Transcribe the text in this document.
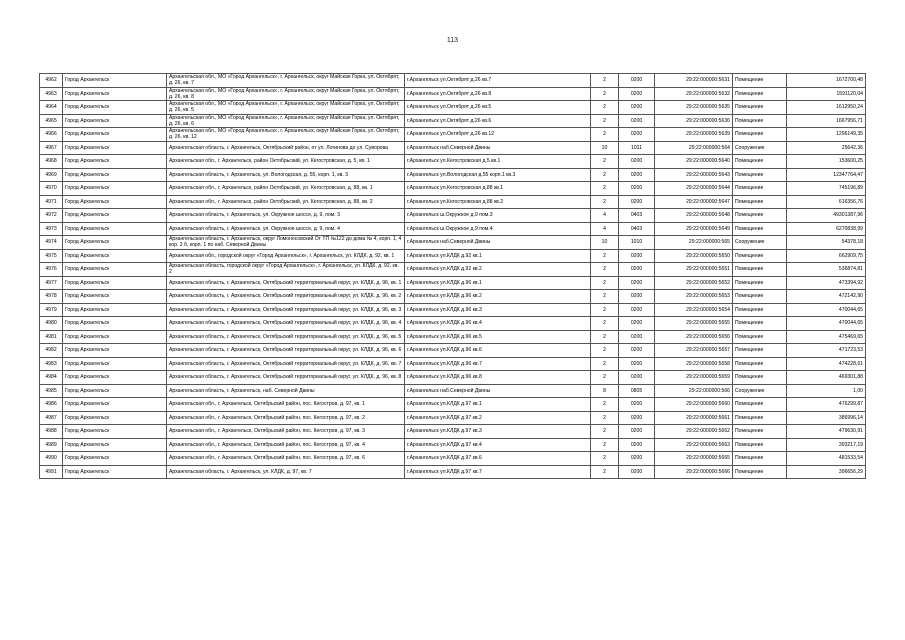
113
4962	Город Архангельск	Архангельская обл., МО «Город Архангельск», г. Архангельск, округ Майская Горка, ул. Октябрят, д. 26, кв. 7	г.Архангельск ул.Октябрят д.26 кв.7	2	0200	29:22:000000:5631	Помещение	1672700,48
4963	Город Архангельск	Архангельская обл., МО «Город Архангельск», г. Архангельск, округ Майская Горка, ул. Октябрят, д. 26, кв. 8	г.Архангельск ул.Октябрят д.26 кв.8	2	0200	29:22:000000:5632	Помещение	1591120,04
4964	Город Архангельск	Архангельская обл., МО «Город Архангельск», г. Архангельск, округ Майская Горка, ул. Октябрят, д. 26, кв. 5	г.Архангельск ул.Октябрят д.26 кв.5	2	0200	29:22:000000:5635	Помещение	1612950,24
4965	Город Архангельск	Архангельская обл., МО «Город Архангельск», г. Архангельск, округ Майская Горка, ул. Октябрят, д. 26, кв. 6	г.Архангельск ул.Октябрят д.26 кв.6	2	0200	29:22:000000:5636	Помещение	1667956,71
4966	Город Архангельск	Архангельская обл., МО «Город Архангельск», г. Архангельск, округ Майская Горка, ул. Октябрят, д. 26, кв. 12	г.Архангельск ул.Октябрят д.26 кв.12	2	0200	29:22:000000:5639	Помещение	1296149,35
4967	Город Архангельск	Архангельская область, г. Архангельск, Октябрьский район, от ул. Логинова до ул. Суворова	г.Архангельск наб.Северной Двины	10	1011	29:22:000000:564	Сооружение	25642,36
4968	Город Архангельск	Архангельская обл., г. Архангельск, район Октябрьский, ул. Кегостровская, д. 5, кв. 1	г.Архангельск ул.Кегостровская д.5 кв.1	2	0200	29:22:000000:5640	Помещение	153600,25
4969	Город Архангельск	Архангельская область, г. Архангельск, ул. Вологодская, д. 55, корп. 1, кв. 3	г.Архангельск ул.Вологодская д.55 корп.1 кв.3	2	0200	29:22:000000:5643	Помещение	12347764,47
4970	Город Архангельск	Архангельская обл., г. Архангельск, район Октябрьский, ул. Кегостровская, д. 88, кв. 1	г.Архангельск ул.Кегостровская д.88 кв.1	2	0200	29:22:000000:5644	Помещение	745196,89
4971	Город Архангельск	Архангельская обл., г. Архангельск, район Октябрьский, ул. Кегостровская, д. 88, кв. 2	г.Архангельск ул.Кегостровская д.88 кв.2	2	0200	29:22:000000:5647	Помещение	616356,76
4972	Город Архангельск	Архангельская область, г. Архангельск, ул. Окружное шоссе, д. 9, пом. 3	г.Архангельск ш.Окружное д.9 пом.3	4	0403	29:22:000000:5648	Помещение	49301387,96
4973	Город Архангельск	Архангельская область, г. Архангельск, ул. Окружное шоссе, д. 9, пом. 4	г.Архангельск ш.Окружное д.9 пом.4	4	0403	29:22:000000:5649	Помещение	6270838,99
4974	Город Архангельск	Архангельская область, г. Архангельск, округ Ломоносовский От ТП №122 до дома № 4, корп. 1, 4 кор. 2 б, корп. 1 по наб. Северной Двины	г.Архангельск наб.Северной Двины	10	1010	29:22:000000:565	Сооружение	54378,18
4975	Город Архангельск	Архангельская обл., городской округ «Город Архангельск», г. Архангельск, ул. КЛДК, д. 92, кв. 1	г.Архангельск ул.КЛДК д.92 кв.1	2	0200	29:22:000000:5650	Помещение	662909,75
4976	Город Архангельск	Архангельская область, городской округ «Город Архангельск», г. Архангельск, ул. КЛДК, д. 92, кв. 2	г.Архангельск ул.КЛДК д.92 кв.2	2	0200	29:22:000000:5651	Помещение	536874,81
4977	Город Архангельск	Архангельская область, г. Архангельск, Октябрьский территориальный округ, ул. КЛДК, д. 96, кв. 1	г.Архангельск ул.КЛДК д.96 кв.1	2	0200	29:22:000000:5652	Помещение	473394,92
4978	Город Архангельск	Архангельская область, г. Архангельск, Октябрьский территориальный округ, ул. КЛДК, д. 96, кв. 2	г.Архангельск ул.КЛДК д.96 кв.2	2	0200	29:22:000000:5653	Помещение	472142,90
4979	Город Архангельск	Архангельская область, г. Архангельск, Октябрьский территориальный округ, ул. КЛДК, д. 96, кв. 3	г.Архангельск ул.КЛДК д.96 кв.3	2	0200	29:22:000000:5654	Помещение	470044,65
4980	Город Архангельск	Архангельская область, г. Архангельск, Октябрьский территориальный округ, ул. КЛДК, д. 96, кв. 4	г.Архангельск ул.КЛДК д.96 кв.4	2	0200	29:22:000000:5655	Помещение	470044,65
4981	Город Архангельск	Архангельская область, г. Архангельск, Октябрьский территориальный округ, ул. КЛДК, д. 96, кв. 5	г.Архангельск ул.КЛДК д.96 кв.5	2	0200	29:22:000000:5656	Помещение	475469,65
4982	Город Архангельск	Архангельская область, г. Архангельск, Октябрьский территориальный округ, ул. КЛДК, д. 96, кв. 6	г.Архангельск ул.КЛДК д.96 кв.6	2	0200	29:22:000000:5657	Помещение	471723,53
4983	Город Архангельск	Архангельская область, г. Архангельск, Октябрьский территориальный округ, ул. КЛДК, д. 96, кв. 7	г.Архангельск ул.КЛДК д.96 кв.7	2	0200	29:22:000000:5658	Помещение	474228,61
4984	Город Архангельск	Архангельская область, г. Архангельск, Октябрьский территориальный округ, ул. КЛДК, д. 96, кв. 8	г.Архангельск ул.КЛДК д.96 кв.8	2	0200	29:22:000000:5659	Помещение	469301,88
4985	Город Архангельск	Архангельская область, г. Архангельск, наб. Северной Двины	г.Архангельск наб.Северной Двины	8	0805	29:22:000000:566	Сооружение	1,00
4986	Город Архангельск	Архангельская обл., г. Архангельск, Октябрьский район, пос. Кегостров, д. 97, кв. 1	г.Архангельск ул.КЛДК д.97 кв.1	2	0200	29:22:000000:5660	Помещение	476299,87
4987	Город Архангельск	Архангельская обл., г. Архангельск, Октябрьский район, пос. Кегостров, д. 97, кв. 2	г.Архангельск ул.КЛДК д.97 кв.2	2	0200	29:22:000000:5661	Помещение	386996,14
4988	Город Архангельск	Архангельская обл., г. Архангельск, Октябрьский район, пос. Кегостров, д. 97, кв. 3	г.Архангельск ул.КЛДК д.97 кв.3	2	0200	29:22:000000:5662	Помещение	479630,91
4989	Город Архангельск	Архангельская обл., г. Архангельск, Октябрьский район, пос. Кегостров, д. 97, кв. 4	г.Архангельск ул.КЛДК д.97 кв.4	2	0200	29:22:000000:5663	Помещение	393217,19
4990	Город Архангельск	Архангельская обл., г. Архангельск, Октябрьский район, пос. Кегостров, д. 97, кв. 6	г.Архангельск ул.КЛДК д.97 кв.6	2	0200	29:22:000000:5665	Помещение	481533,54
4991	Город Архангельск	Архангельская область, г. Архангельск, ул. КЛДК, д. 97, кв. 7	г.Архангельск ул.КЛДК д.97 кв.7	2	0200	29:22:000000:5666	Помещение	396656,29
